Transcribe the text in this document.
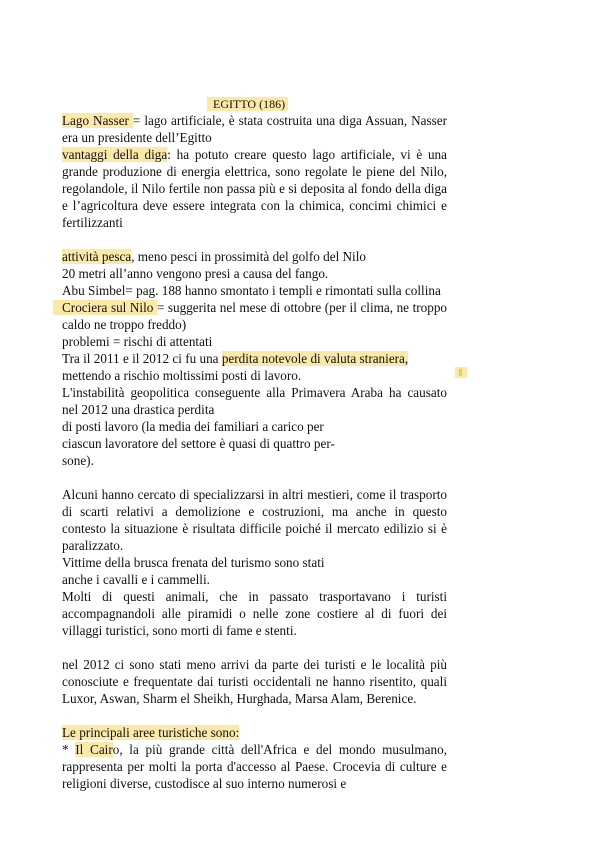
EGITTO (186)

Lago Nasser = lago artificiale, è stata costruita una diga Assuan, Nasser era un presidente dell’Egitto

vantaggi della diga: ha potuto creare questo lago artificiale, vi è una grande produzione di energia elettrica, sono regolate le piene del Nilo, regolandole, il Nilo fertile non passa più e si deposita al fondo della diga e l’agricoltura deve essere integrata con la chimica, concimi chimici e fertilizzanti

attività pesca, meno pesci in prossimità del golfo del Nilo

20 metri all’anno vengono presi a causa del fango.

Abu Simbel= pag. 188 hanno smontato i templi e rimontati sulla collina

Crociera sul Nilo = suggerita nel mese di ottobre (per il clima, ne troppo caldo ne troppo freddo)

problemi = rischi di attentati

Tra il 2011 e il 2012 ci fu una perdita notevole di valuta straniera,

mettendo a rischio moltissimi posti di lavoro.

L'instabilità geopolitica conseguente alla Primavera Araba ha causato nel 2012 una drastica perdita

di posti lavoro (la media dei familiari a carico per

ciascun lavoratore del settore è quasi di quattro per-

sone).

Alcuni hanno cercato di specializzarsi in altri mestieri, come il trasporto di scarti relativi a demolizione e costruzioni, ma anche in questo contesto la situazione è risultata difficile poiché il mercato edilizio si è paralizzato.

Vittime della brusca frenata del turismo sono stati

anche i cavalli e i cammelli.

Molti di questi animali, che in passato trasportavano i turisti accompagnandoli alle piramidi o nelle zone costiere al di fuori dei villaggi turistici, sono morti di fame e stenti.

nel 2012 ci sono stati meno arrivi da parte dei turisti e le località più conosciute e frequentate dai turisti occidentali ne hanno risentito, quali Luxor, Aswan, Sharm el Sheikh, Hurghada, Marsa Alam, Berenice.

Le principali aree turistiche sono:

* Il Cairo, la più grande città dell'Africa e del mondo musulmano, rappresenta per molti la porta d'accesso al Paese. Crocevia di culture e religioni diverse, custodisce al suo interno numerosi e
